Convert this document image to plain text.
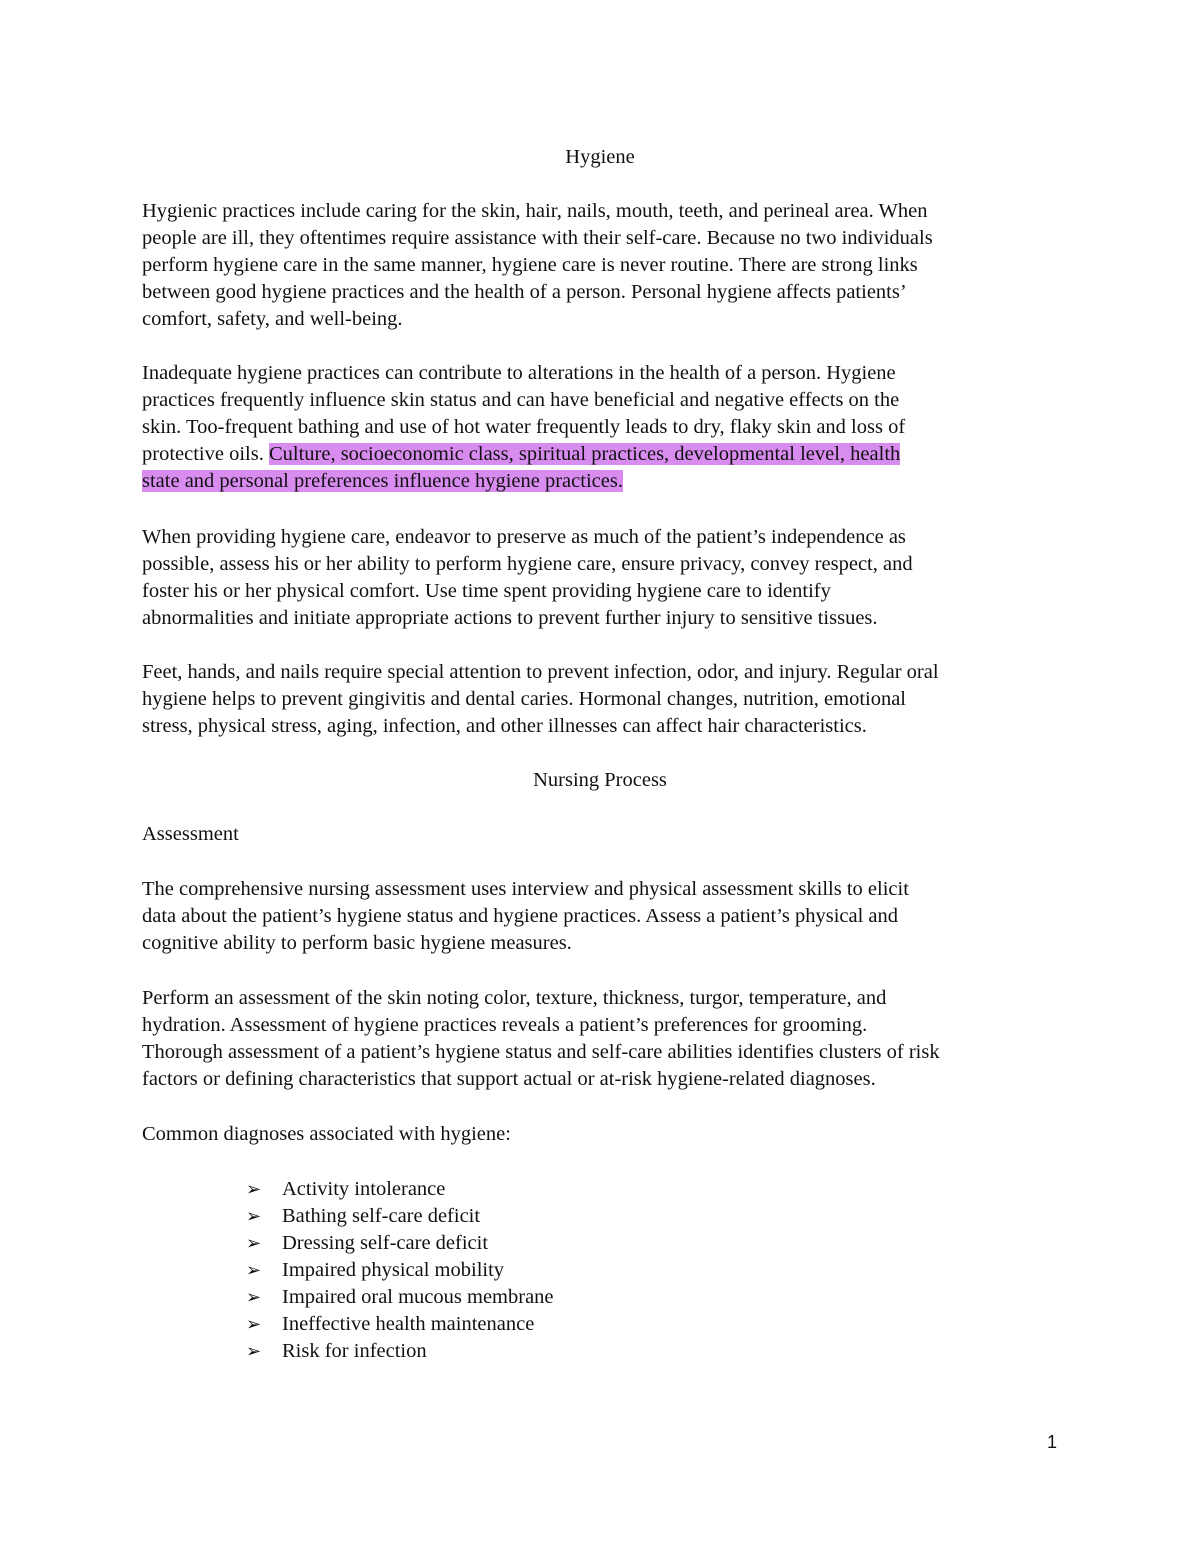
Hygiene
Hygienic practices include caring for the skin, hair, nails, mouth, teeth, and perineal area. When
people are ill, they oftentimes require assistance with their self-care. Because no two individuals
perform hygiene care in the same manner, hygiene care is never routine. There are strong links
between good hygiene practices and the health of a person. Personal hygiene affects patients’
comfort, safety, and well-being.
Inadequate hygiene practices can contribute to alterations in the health of a person. Hygiene
practices frequently influence skin status and can have beneficial and negative effects on the
skin. Too-frequent bathing and use of hot water frequently leads to dry, flaky skin and loss of
protective oils. Culture, socioeconomic class, spiritual practices, developmental level, health
state and personal preferences influence hygiene practices.
When providing hygiene care, endeavor to preserve as much of the patient’s independence as
possible, assess his or her ability to perform hygiene care, ensure privacy, convey respect, and
foster his or her physical comfort. Use time spent providing hygiene care to identify
abnormalities and initiate appropriate actions to prevent further injury to sensitive tissues.
Feet, hands, and nails require special attention to prevent infection, odor, and injury. Regular oral
hygiene helps to prevent gingivitis and dental caries. Hormonal changes, nutrition, emotional
stress, physical stress, aging, infection, and other illnesses can affect hair characteristics.
Nursing Process
Assessment
The comprehensive nursing assessment uses interview and physical assessment skills to elicit
data about the patient’s hygiene status and hygiene practices. Assess a patient’s physical and
cognitive ability to perform basic hygiene measures.
Perform an assessment of the skin noting color, texture, thickness, turgor, temperature, and
hydration. Assessment of hygiene practices reveals a patient’s preferences for grooming.
Thorough assessment of a patient’s hygiene status and self-care abilities identifies clusters of risk
factors or defining characteristics that support actual or at-risk hygiene-related diagnoses.
Common diagnoses associated with hygiene:
➢	Activity intolerance
➢	Bathing self-care deficit
➢	Dressing self-care deficit
➢	Impaired physical mobility
➢	Impaired oral mucous membrane
➢	Ineffective health maintenance
➢	Risk for infection
1
